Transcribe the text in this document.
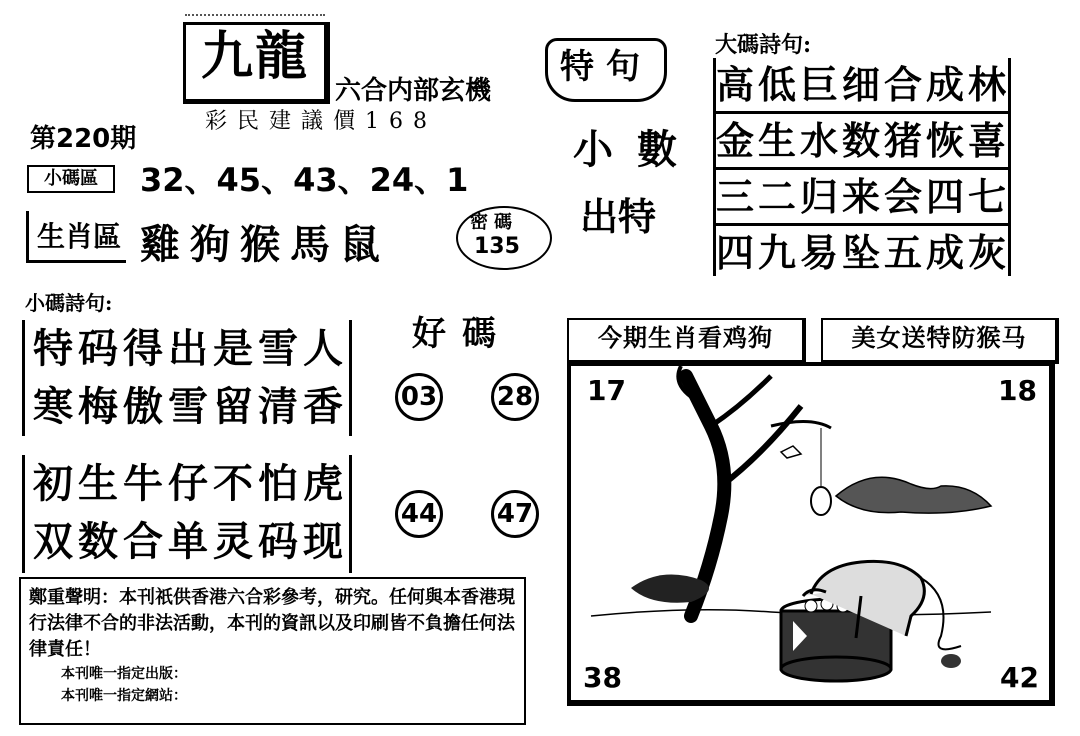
九龍
六合内部玄機
彩民建議價168
第220期
小碼區	32、45、43、24、1
生肖區 雞狗猴馬鼠	密碼
135
特句
小數
出特
大碼詩句:
高低巨细合成林
金生水数猪恢喜
三二归来会四七
四九易坠五成灰
小碼詩句:
特码得出是雪人
寒梅傲雪留清香
初生牛仔不怕虎
双数合单灵码现
好碼
03 28
44 47
鄭重聲明：本刊祇供香港六合彩參考，研究。任何與本香港現行法律不合的非法活動，本刊的資訊以及印刷皆不負擔任何法律責任！
本刊唯一指定出版：
本刊唯一指定網站：
今期生肖看鸡狗	美女送特防猴马
17	18
38	42
